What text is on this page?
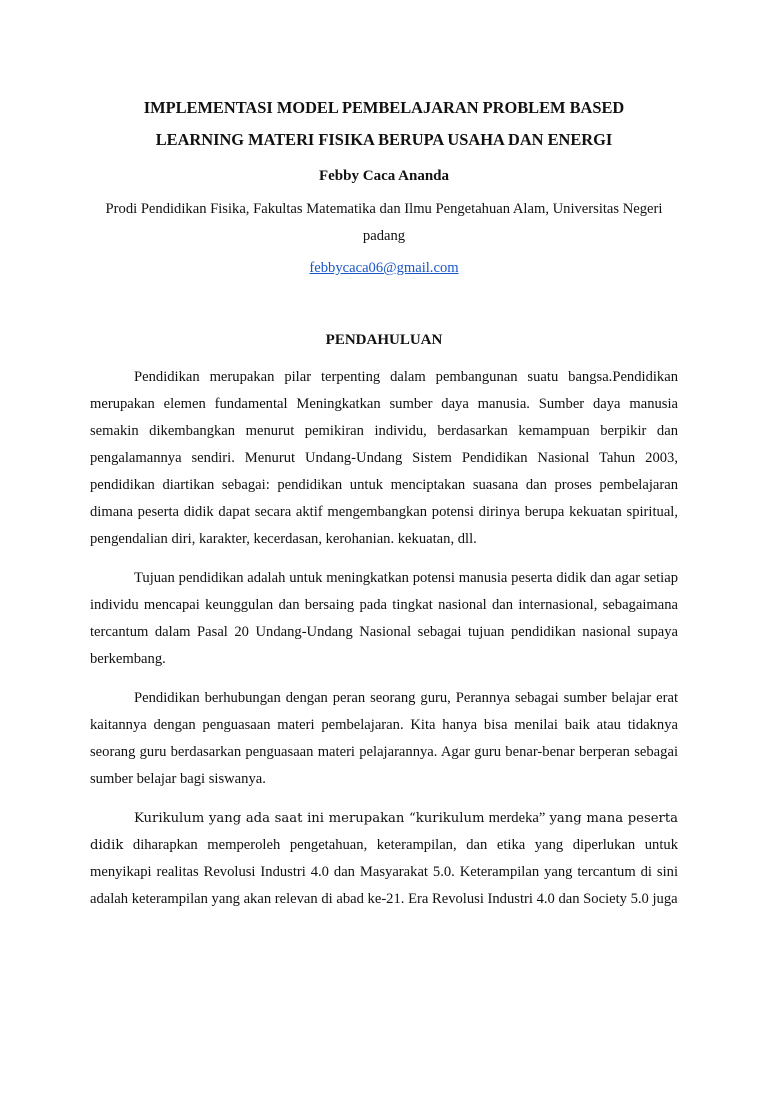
IMPLEMENTASI MODEL PEMBELAJARAN PROBLEM BASED
LEARNING MATERI FISIKA BERUPA USAHA DAN ENERGI
Febby Caca Ananda
Prodi Pendidikan Fisika, Fakultas Matematika dan Ilmu Pengetahuan Alam, Universitas Negeri padang
febbycaca06@gmail.com
PENDAHULUAN

Pendidikan merupakan pilar terpenting dalam pembangunan suatu bangsa.Pendidikan merupakan elemen fundamental Meningkatkan sumber daya manusia. Sumber daya manusia semakin dikembangkan menurut pemikiran individu, berdasarkan kemampuan berpikir dan pengalamannya sendiri. Menurut Undang-Undang Sistem Pendidikan Nasional Tahun 2003, pendidikan diartikan sebagai: pendidikan untuk menciptakan suasana dan proses pembelajaran dimana peserta didik dapat secara aktif mengembangkan potensi dirinya berupa kekuatan spiritual, pengendalian diri, karakter, kecerdasan, kerohanian. kekuatan, dll.

Tujuan pendidikan adalah untuk meningkatkan potensi manusia peserta didik dan agar setiap individu mencapai keunggulan dan bersaing pada tingkat nasional dan internasional, sebagaimana tercantum dalam Pasal 20 Undang-Undang Nasional sebagai tujuan pendidikan nasional supaya berkembang.

Pendidikan berhubungan dengan peran seorang guru, Perannya sebagai sumber belajar erat kaitannya dengan penguasaan materi pembelajaran. Kita hanya bisa menilai baik atau tidaknya seorang guru berdasarkan penguasaan materi pelajarannya. Agar guru benar-benar berperan sebagai sumber belajar bagi siswanya.

Kurikulum yang ada saat ini merupakan “kurikulum merdeka” yang mana peserta didik diharapkan memperoleh pengetahuan, keterampilan, dan etika yang diperlukan untuk menyikapi realitas Revolusi Industri 4.0 dan Masyarakat 5.0. Keterampilan yang tercantum di sini adalah keterampilan yang akan relevan di abad ke-21. Era Revolusi Industri 4.0 dan Society 5.0 juga
